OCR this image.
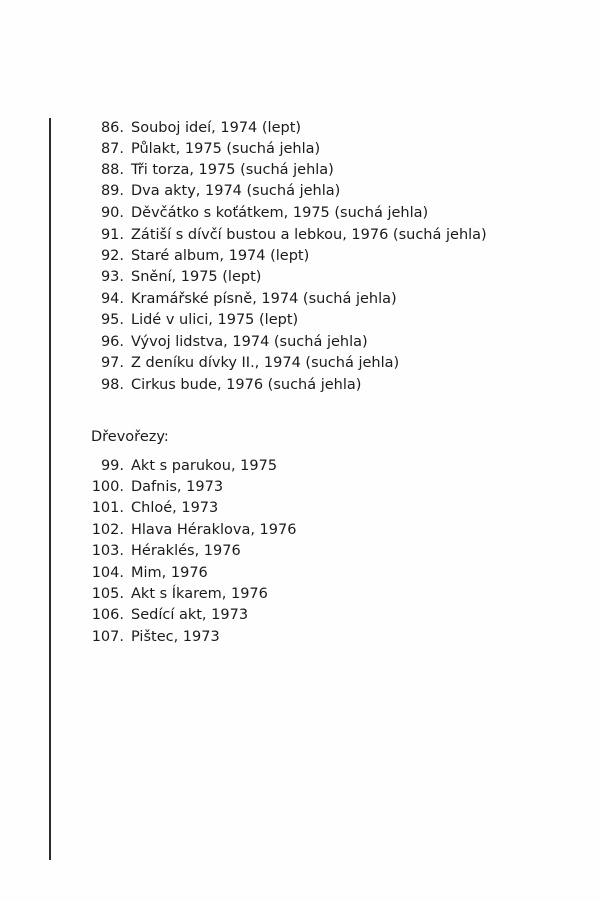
86. Souboj ideí, 1974 (lept)
87. Půlakt, 1975 (suchá jehla)
88. Tři torza, 1975 (suchá jehla)
89. Dva akty, 1974 (suchá jehla)
90. Děvčátko s koťátkem, 1975 (suchá jehla)
91. Zátiší s dívčí bustou a lebkou, 1976 (suchá jehla)
92. Staré album, 1974 (lept)
93. Snění, 1975 (lept)
94. Kramářské písně, 1974 (suchá jehla)
95. Lidé v ulici, 1975 (lept)
96. Vývoj lidstva, 1974 (suchá jehla)
97. Z deníku dívky II., 1974 (suchá jehla)
98. Cirkus bude, 1976 (suchá jehla)
Dřevořezy:
99. Akt s parukou, 1975
100. Dafnis, 1973
101. Chloé, 1973
102. Hlava Héraklova, 1976
103. Héraklés, 1976
104. Mim, 1976
105. Akt s Íkarem, 1976
106. Sedící akt, 1973
107. Pištec, 1973
